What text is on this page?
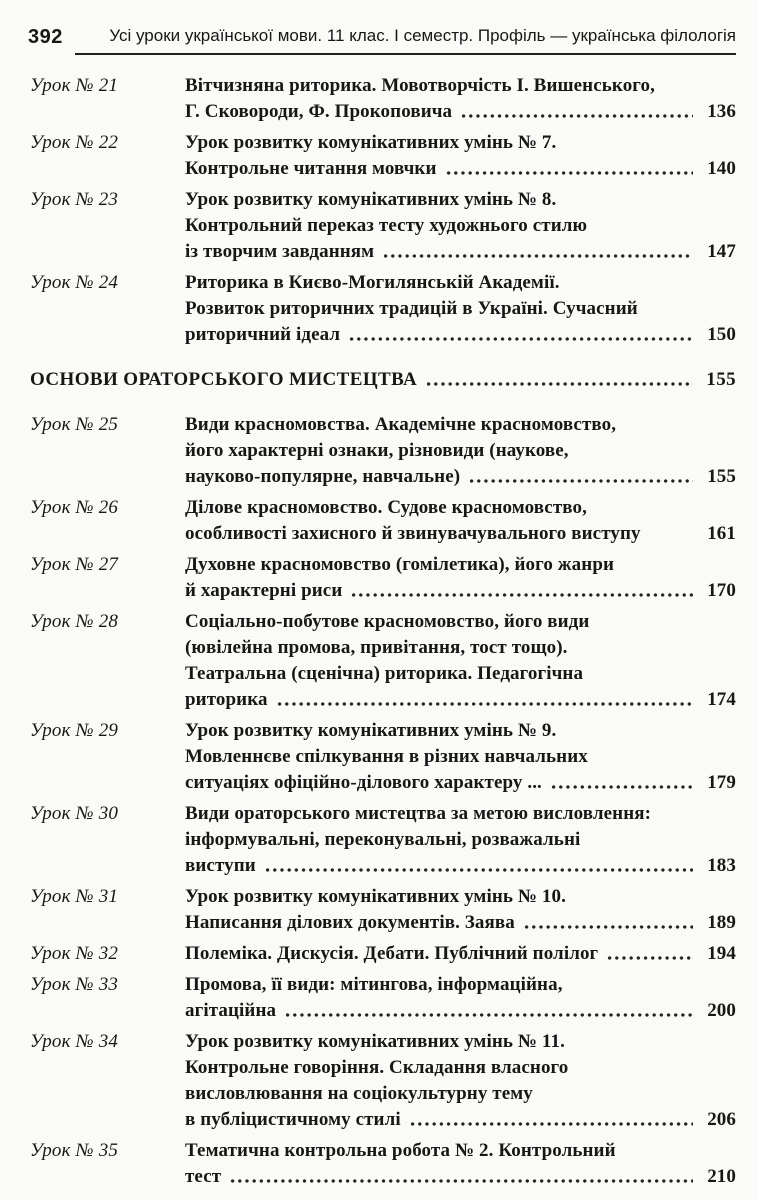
392	Усі уроки української мови. 11 клас. І семестр. Профіль — українська філологія
Урок № 21	Вітчизняна риторика. Мовотворчість І. Вишенського,
Г. Сковороди, Ф. Прокоповича	136
Урок № 22	Урок розвитку комунікативних умінь № 7.
Контрольне читання мовчки	140
Урок № 23	Урок розвитку комунікативних умінь № 8.
Контрольний переказ тесту художнього стилю
із творчим завданням	147
Урок № 24	Риторика в Києво-Могилянській Академії.
Розвиток риторичних традицій в Україні. Сучасний
риторичний ідеал	150
ОСНОВИ ОРАТОРСЬКОГО МИСТЕЦТВА	155
Урок № 25	Види красномовства. Академічне красномовство,
його характерні ознаки, різновиди (наукове,
науково-популярне, навчальне)	155
Урок № 26	Ділове красномовство. Судове красномовство,
особливості захисного й звинувачувального виступу	161
Урок № 27	Духовне красномовство (гомілетика), його жанри
й характерні риси	170
Урок № 28	Соціально-побутове красномовство, його види
(ювілейна промова, привітання, тост тощо).
Театральна (сценічна) риторика. Педагогічна
риторика	174
Урок № 29	Урок розвитку комунікативних умінь № 9.
Мовленнєве спілкування в різних навчальних
ситуаціях офіційно-ділового характеру ...	179
Урок № 30	Види ораторського мистецтва за метою висловлення:
інформувальні, переконувальні, розважальні
виступи	183
Урок № 31	Урок розвитку комунікативних умінь № 10.
Написання ділових документів. Заява	189
Урок № 32	Полеміка. Дискусія. Дебати. Публічний полілог	194
Урок № 33	Промова, її види: мітингова, інформаційна,
агітаційна	200
Урок № 34	Урок розвитку комунікативних умінь № 11.
Контрольне говоріння. Складання власного
висловлювання на соціокультурну тему
в публіцистичному стилі	206
Урок № 35	Тематична контрольна робота № 2. Контрольний
тест	210
